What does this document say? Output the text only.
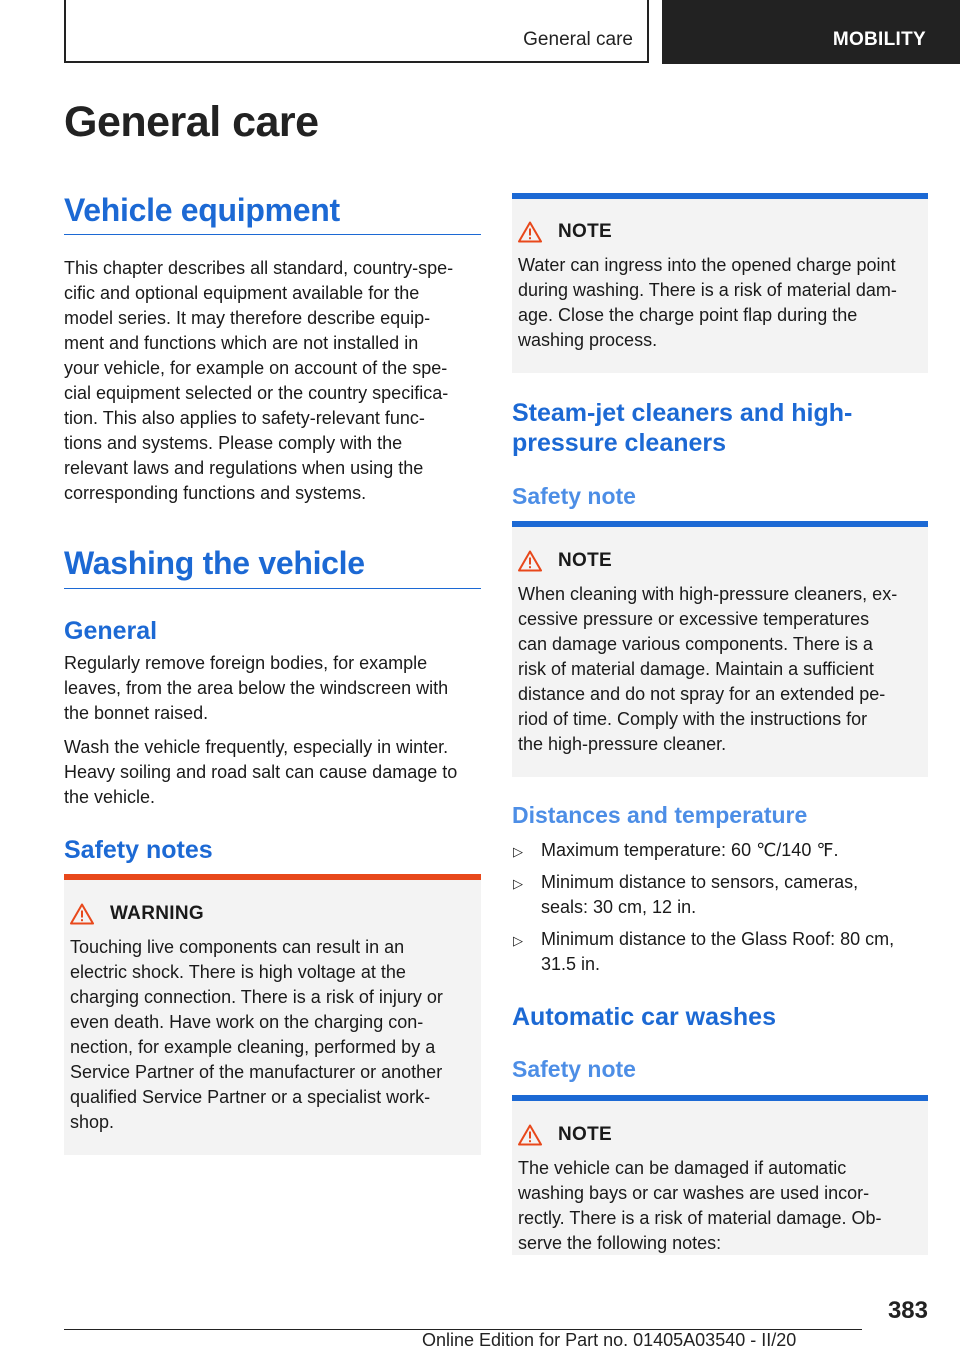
General care	MOBILITY
General care
Vehicle equipment

This chapter describes all standard, country-spe-
cific and optional equipment available for the
model series. It may therefore describe equip-
ment and functions which are not installed in
your vehicle, for example on account of the spe-
cial equipment selected or the country specifica-
tion. This also applies to safety-relevant func-
tions and systems. Please comply with the
relevant laws and regulations when using the
corresponding functions and systems.

Washing the vehicle
General

Regularly remove foreign bodies, for example
leaves, from the area below the windscreen with
the bonnet raised.

Wash the vehicle frequently, especially in winter.
Heavy soiling and road salt can cause damage to
the vehicle.

Safety notes
WARNING

Touching live components can result in an
electric shock. There is high voltage at the
charging connection. There is a risk of injury or
even death. Have work on the charging con-
nection, for example cleaning, performed by a
Service Partner of the manufacturer or another
qualified Service Partner or a specialist work-
shop.

NOTE

Water can ingress into the opened charge point
during washing. There is a risk of material dam-
age. Close the charge point flap during the
washing process.

Steam-jet cleaners and high-
pressure cleaners
Safety note
NOTE

When cleaning with high-pressure cleaners, ex-
cessive pressure or excessive temperatures
can damage various components. There is a
risk of material damage. Maintain a sufficient
distance and do not spray for an extended pe-
riod of time. Comply with the instructions for
the high-pressure cleaner.

Distances and temperature
▷ Maximum temperature: 60 ℃/140 ℉.
▷ Minimum distance to sensors, cameras,
seals: 30 cm, 12 in.
▷ Minimum distance to the Glass Roof: 80 cm,
31.5 in.
Automatic car washes
Safety note
NOTE

The vehicle can be damaged if automatic
washing bays or car washes are used incor-
rectly. There is a risk of material damage. Ob-
serve the following notes:

383
Online Edition for Part no. 01405A03540 - II/20
